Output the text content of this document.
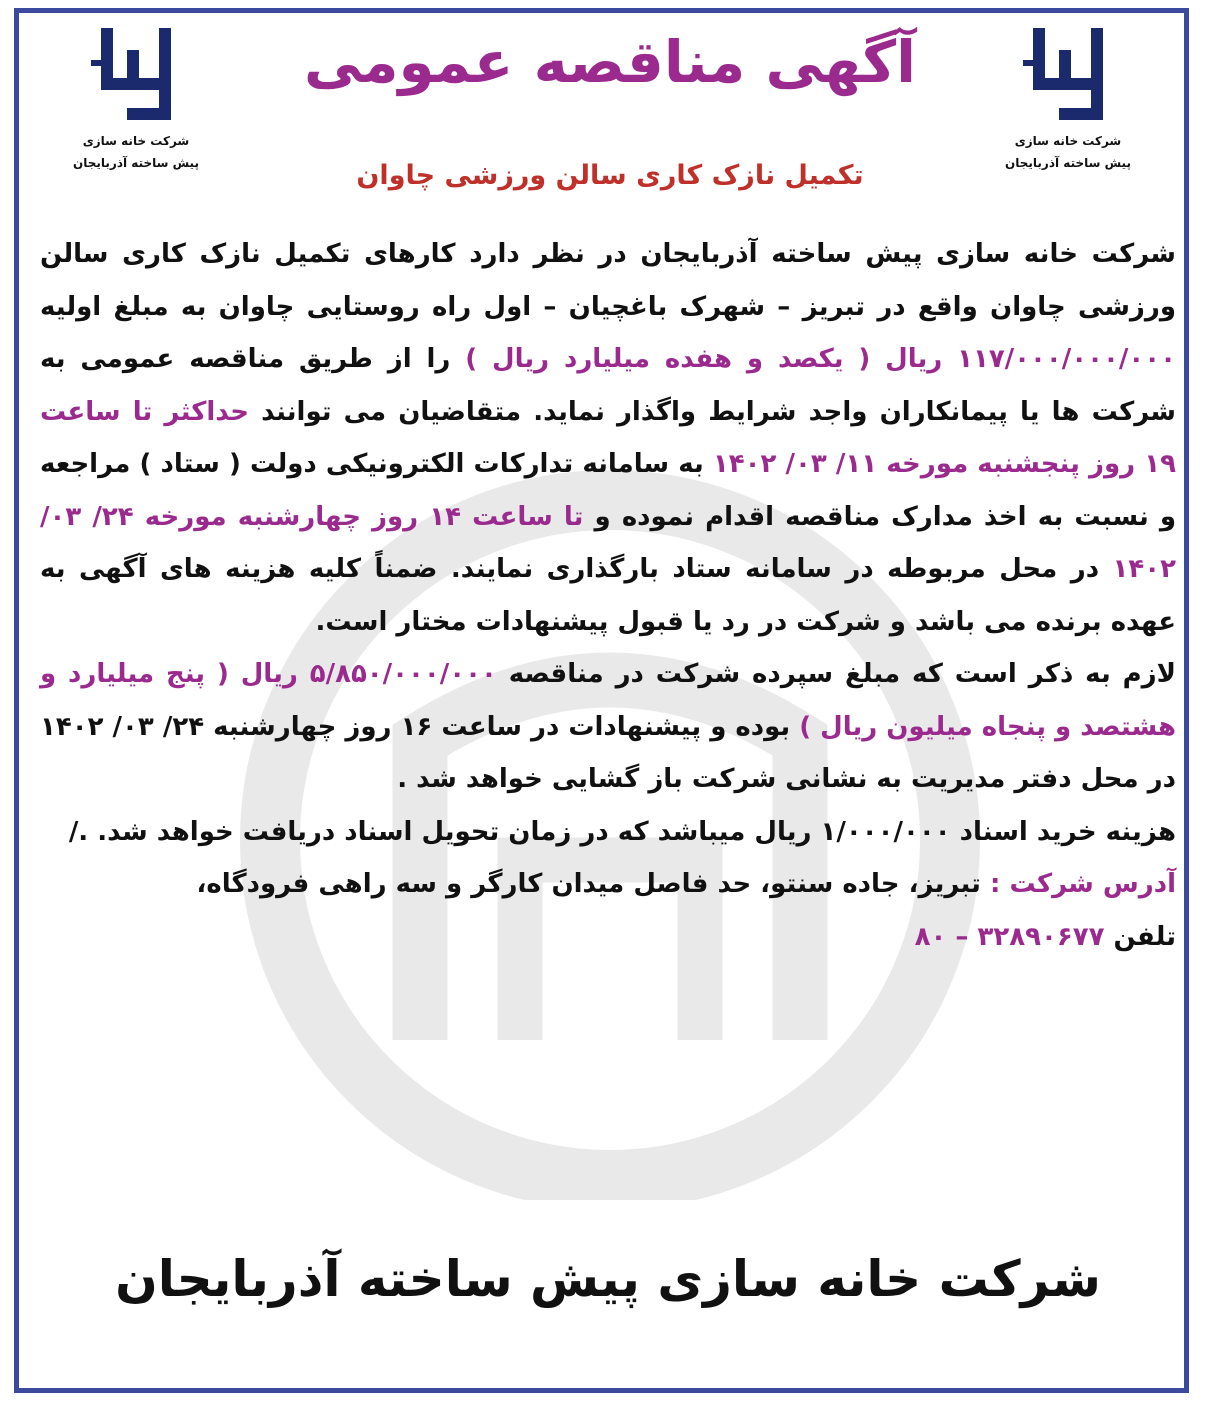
شرکت خانه سازی
پیش ساخته آذربایجان
شرکت خانه سازی
پیش ساخته آذربایجان
آگهی مناقصه عمومی
تکمیل نازک کاری سالن ورزشی چاوان
شرکت خانه سازی پیش ساخته آذربایجان در نظر دارد کارهای تکمیل نازک کاری سالن ورزشی چاوان واقع در تبریز – شهرک باغچیان – اول راه روستایی چاوان به مبلغ اولیه ۱۱۷/۰۰۰/۰۰۰/۰۰۰ ریال ( یکصد و هفده میلیارد ریال ) را از طریق مناقصه عمومی به شرکت ها یا پیمانکاران واجد شرایط واگذار نماید. متقاضیان می توانند حداکثر تا ساعت ۱۹ روز پنجشنبه مورخه ۱۱/ ۰۳/ ۱۴۰۲ به سامانه تدارکات الکترونیکی دولت ( ستاد ) مراجعه و نسبت به اخذ مدارک مناقصه اقدام نموده و تا ساعت ۱۴ روز چهارشنبه مورخه ۲۴/ ۰۳/ ۱۴۰۲ در محل مربوطه در سامانه ستاد بارگذاری نمایند. ضمناً کلیه هزینه های آگهی به عهده برنده می باشد و شرکت در رد یا قبول پیشنهادات مختار است.
لازم به ذکر است که مبلغ سپرده شرکت در مناقصه ۵/۸۵۰/۰۰۰/۰۰۰ ریال ( پنج میلیارد و هشتصد و پنجاه میلیون ریال ) بوده و پیشنهادات در ساعت ۱۶ روز چهارشنبه ۲۴/ ۰۳/ ۱۴۰۲ در محل دفتر مدیریت به نشانی شرکت باز گشایی خواهد شد .
هزینه خرید اسناد ۱/۰۰۰/۰۰۰ ریال میباشد که در زمان تحویل اسناد دریافت خواهد شد. ./
آدرس شرکت : تبریز، جاده سنتو، حد فاصل میدان کارگر و سه راهی فرودگاه،
تلفن ۳۲۸۹۰۶۷۷ – ۸۰
شرکت خانه سازی پیش ساخته آذربایجان
